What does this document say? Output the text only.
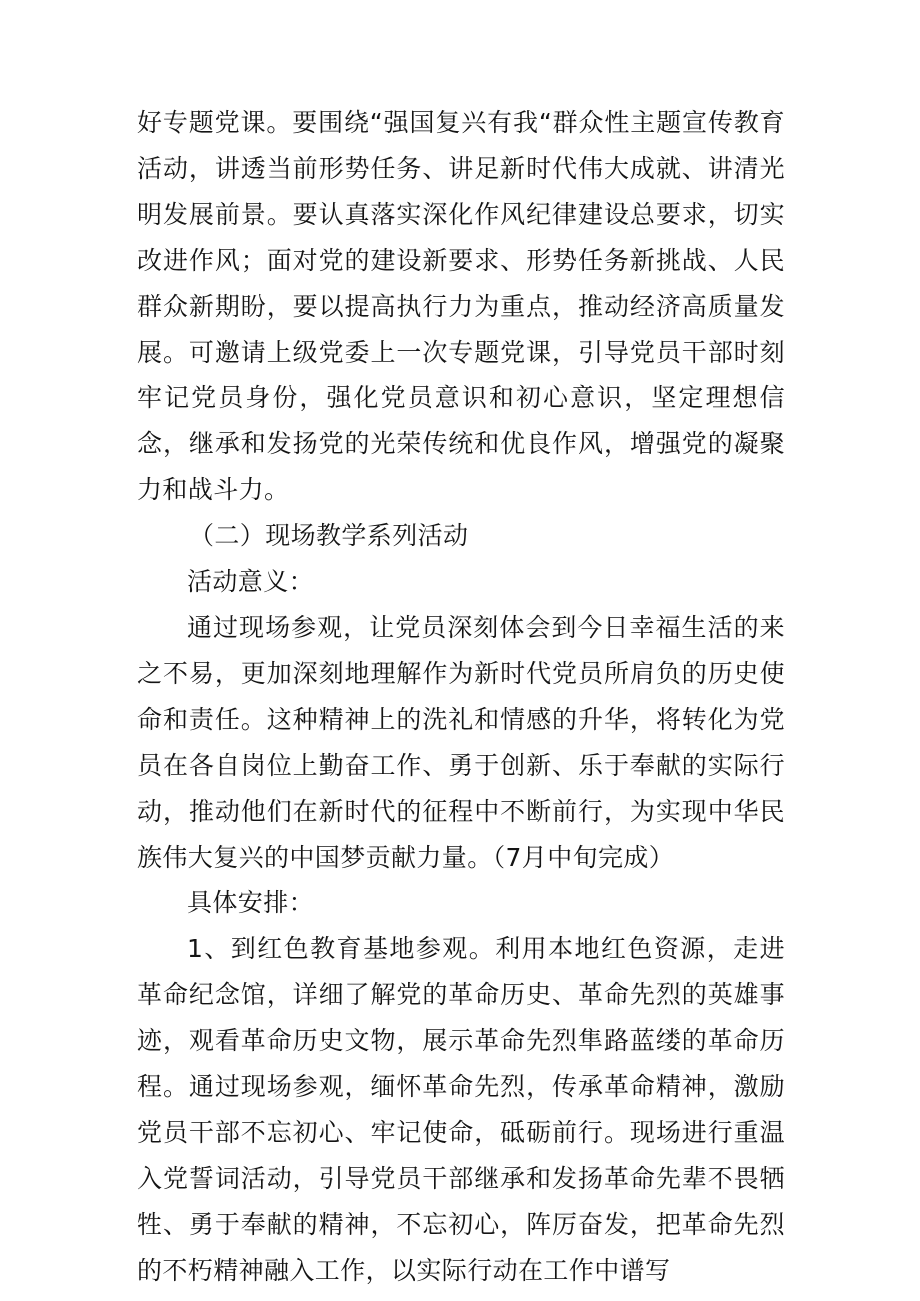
好专题党课。要围绕“强国复兴有我“群众性主题宣传教育活动，讲透当前形势任务、讲足新时代伟大成就、讲清光明发展前景。要认真落实深化作风纪律建设总要求，切实改进作风；面对党的建设新要求、形势任务新挑战、人民群众新期盼，要以提高执行力为重点，推动经济高质量发展。可邀请上级党委上一次专题党课，引导党员干部时刻牢记党员身份，强化党员意识和初心意识，坚定理想信念，继承和发扬党的光荣传统和优良作风，增强党的凝聚力和战斗力。

（二）现场教学系列活动

活动意义：

通过现场参观，让党员深刻体会到今日幸福生活的来之不易，更加深刻地理解作为新时代党员所肩负的历史使命和责任。这种精神上的洗礼和情感的升华，将转化为党员在各自岗位上勤奋工作、勇于创新、乐于奉献的实际行动，推动他们在新时代的征程中不断前行，为实现中华民族伟大复兴的中国梦贡献力量。（7月中旬完成）

具体安排：

1、到红色教育基地参观。利用本地红色资源，走进革命纪念馆，详细了解党的革命历史、革命先烈的英雄事迹，观看革命历史文物，展示革命先烈隼路蓝缕的革命历程。通过现场参观，缅怀革命先烈，传承革命精神，激励党员干部不忘初心、牢记使命，砥砺前行。现场进行重温入党誓词活动，引导党员干部继承和发扬革命先辈不畏牺牲、勇于奉献的精神，不忘初心，阵厉奋发，把革命先烈的不朽精神融入工作，以实际行动在工作中谱写
